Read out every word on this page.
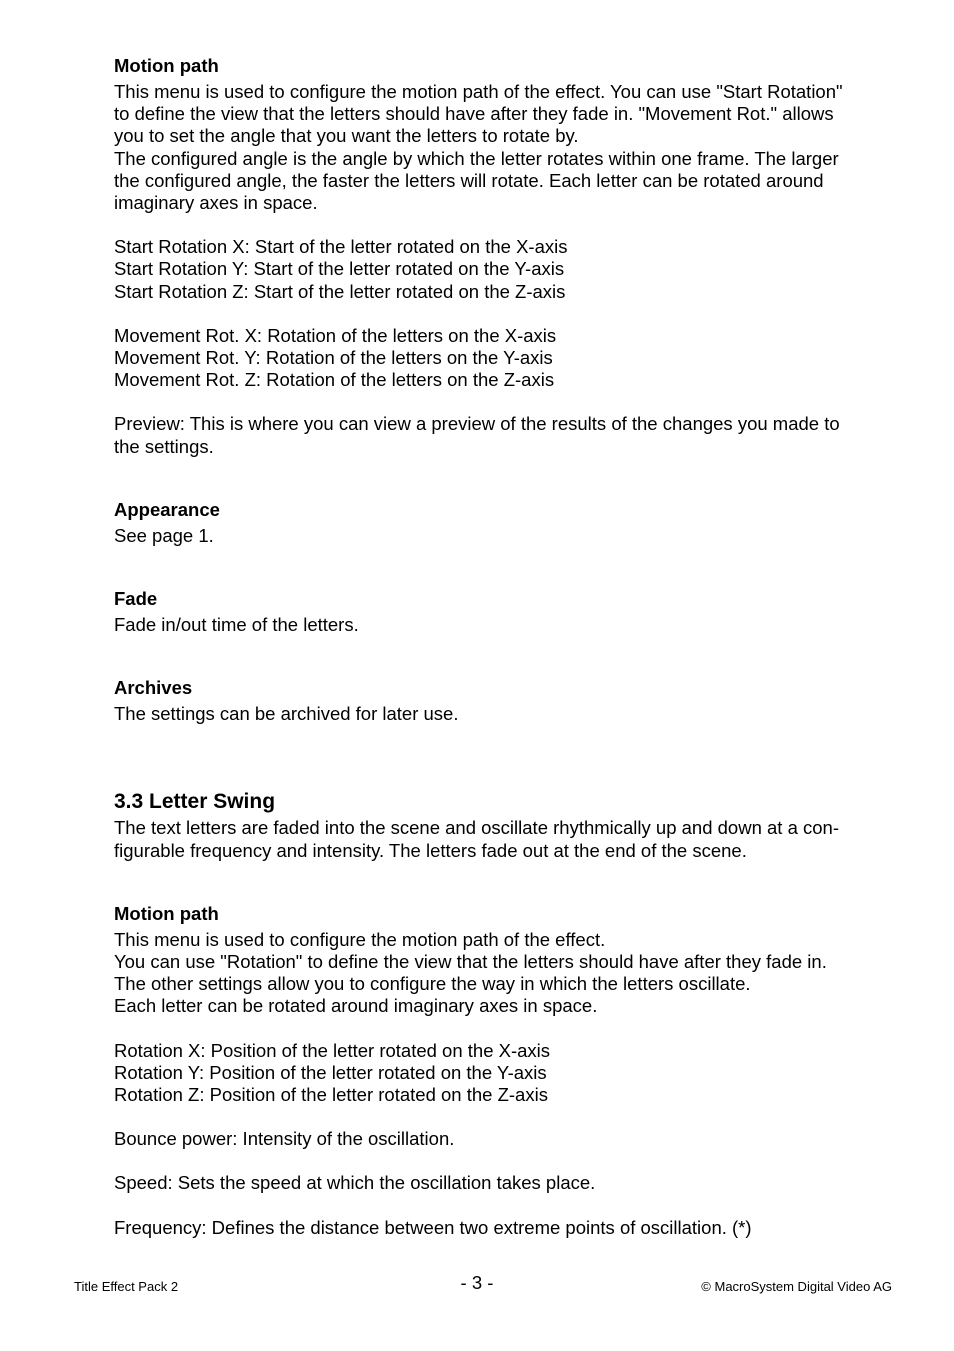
Motion path
This menu is used to configure the motion path of the effect. You can use "Start Rotation"
to define the view that the letters should have after they fade in. "Movement Rot." allows
you to set the angle that you want the letters to rotate by.
The configured angle is the angle by which the letter rotates within one frame. The larger
the configured angle, the faster the letters will rotate. Each letter can be rotated around
imaginary axes in space.
Start Rotation X: Start of the letter rotated on the X-axis
Start Rotation Y: Start of the letter rotated on the Y-axis
Start Rotation Z: Start of the letter rotated on the Z-axis
Movement Rot. X: Rotation of the letters on the X-axis
Movement Rot. Y: Rotation of the letters on the Y-axis
Movement Rot. Z: Rotation of the letters on the Z-axis
Preview: This is where you can view a preview of the results of the changes you made to
the settings.
Appearance
See page 1.
Fade
Fade in/out time of the letters.
Archives
The settings can be archived for later use.
3.3 Letter Swing
The text letters are faded into the scene and oscillate rhythmically up and down at a con-
figurable frequency and intensity. The letters fade out at the end of the scene.
Motion path
This menu is used to configure the motion path of the effect.
You can use "Rotation" to define the view that the letters should have after they fade in.
The other settings allow you to configure the way in which the letters oscillate.
Each letter can be rotated around imaginary axes in space.
Rotation X: Position of the letter rotated on the X-axis
Rotation Y: Position of the letter rotated on the Y-axis
Rotation Z: Position of the letter rotated on the Z-axis
Bounce power: Intensity of the oscillation.
Speed: Sets the speed at which the oscillation takes place.
Frequency: Defines the distance between two extreme points of oscillation. (*)
Title Effect Pack 2	- 3 -	© MacroSystem Digital Video AG
